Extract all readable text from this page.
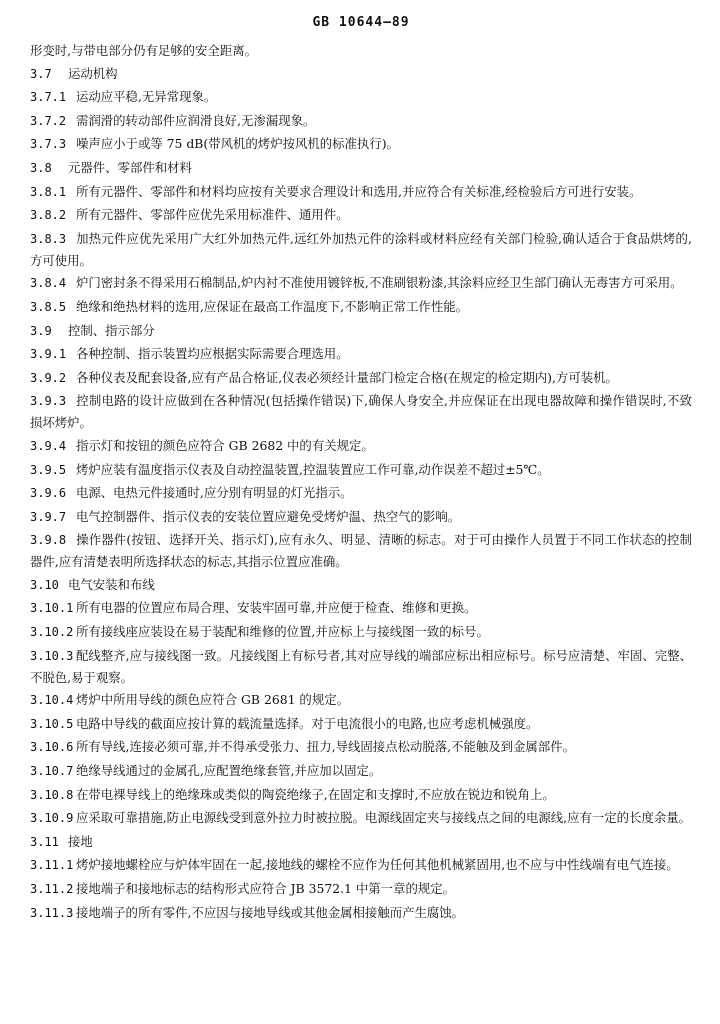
GB 10644—89

形变时,与带电部分仍有足够的安全距离。

3.7 运动机构

3.7.1 运动应平稳,无异常现象。

3.7.2 需润滑的转动部件应润滑良好,无渗漏现象。

3.7.3 噪声应小于或等 75 dB(带风机的烤炉按风机的标准执行)。

3.8 元器件、零部件和材料

3.8.1 所有元器件、零部件和材料均应按有关要求合理设计和选用,并应符合有关标准,经检验后方可进行安装。

3.8.2 所有元器件、零部件应优先采用标准件、通用件。

3.8.3 加热元件应优先采用广大红外加热元件,远红外加热元件的涂料或材料应经有关部门检验,确认适合于食品烘烤的,方可使用。

3.8.4 炉门密封条不得采用石棉制品,炉内衬不准使用镀锌板,不准刷银粉漆,其涂料应经卫生部门确认无毒害方可采用。

3.8.5 绝缘和绝热材料的选用,应保证在最高工作温度下,不影响正常工作性能。

3.9 控制、指示部分

3.9.1 各种控制、指示装置均应根据实际需要合理选用。

3.9.2 各种仪表及配套设备,应有产品合格证,仪表必须经计量部门检定合格(在规定的检定期内),方可装机。

3.9.3 控制电路的设计应做到在各种情况(包括操作错误)下,确保人身安全,并应保证在出现电器故障和操作错误时,不致损坏烤炉。

3.9.4 指示灯和按钮的颜色应符合 GB 2682 中的有关规定。

3.9.5 烤炉应装有温度指示仪表及自动控温装置,控温装置应工作可靠,动作误差不超过±5℃。

3.9.6 电源、电热元件接通时,应分别有明显的灯光指示。

3.9.7 电气控制器件、指示仪表的安装位置应避免受烤炉温、热空气的影响。

3.9.8 操作器件(按钮、选择开关、指示灯),应有永久、明显、清晰的标志。对于可由操作人员置于不同工作状态的控制器件,应有清楚表明所选择状态的标志,其指示位置应准确。

3.10 电气安装和布线

3.10.1 所有电器的位置应布局合理、安装牢固可靠,并应便于检查、维修和更换。

3.10.2 所有接线座应装设在易于装配和维修的位置,并应标上与接线图一致的标号。

3.10.3 配线整齐,应与接线图一致。凡接线图上有标号者,其对应导线的端部应标出相应标号。标号应清楚、牢固、完整、不脱色,易于观察。

3.10.4 烤炉中所用导线的颜色应符合 GB 2681 的规定。

3.10.5 电路中导线的截面应按计算的载流量选择。对于电流很小的电路,也应考虑机械强度。

3.10.6 所有导线,连接必须可靠,并不得承受张力、扭力,导线固接点松动脱落,不能触及到金属部件。

3.10.7 绝缘导线通过的金属孔,应配置绝缘套管,并应加以固定。

3.10.8 在带电裸导线上的绝缘珠或类似的陶瓷绝缘子,在固定和支撑时,不应放在锐边和锐角上。

3.10.9 应采取可靠措施,防止电源线受到意外拉力时被拉脱。电源线固定夹与接线点之间的电源线,应有一定的长度余量。

3.11 接地

3.11.1 烤炉接地螺栓应与炉体牢固在一起,接地线的螺栓不应作为任何其他机械紧固用,也不应与中性线端有电气连接。

3.11.2 接地端子和接地标志的结构形式应符合 JB 3572.1 中第一章的规定。

3.11.3 接地端子的所有零件,不应因与接地导线或其他金属相接触而产生腐蚀。
